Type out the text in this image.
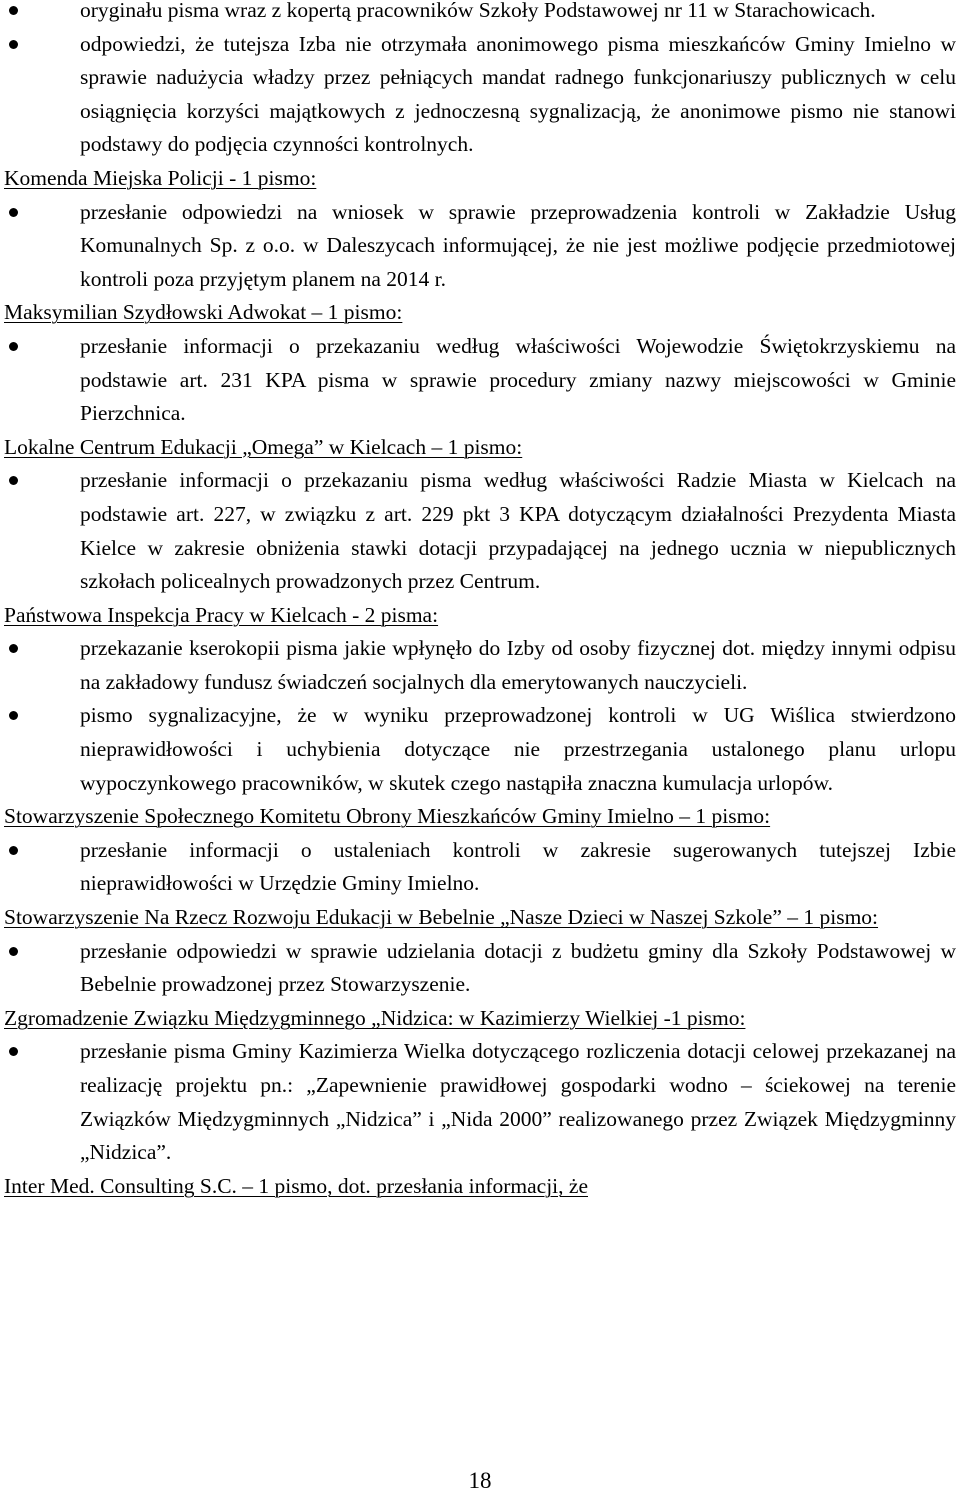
oryginału pisma wraz z kopertą pracowników Szkoły Podstawowej nr 11 w Starachowicach.
odpowiedzi, że tutejsza Izba nie otrzymała anonimowego pisma mieszkańców Gminy Imielno w sprawie nadużycia władzy przez pełniących mandat radnego funkcjonariuszy publicznych w celu osiągnięcia korzyści majątkowych z jednoczesną sygnalizacją, że anonimowe pismo nie stanowi podstawy do podjęcia czynności kontrolnych.
Komenda Miejska Policji - 1 pismo:
przesłanie odpowiedzi na wniosek w sprawie przeprowadzenia kontroli w Zakładzie Usług Komunalnych Sp. z o.o. w Daleszycach informującej, że nie jest możliwe podjęcie przedmiotowej kontroli poza przyjętym planem na 2014 r.
Maksymilian Szydłowski Adwokat – 1 pismo:
przesłanie informacji o przekazaniu według właściwości Wojewodzie Świętokrzyskiemu na podstawie art. 231 KPA pisma w sprawie procedury zmiany nazwy miejscowości w Gminie Pierzchnica.
Lokalne Centrum Edukacji „Omega” w Kielcach – 1 pismo:
przesłanie informacji o przekazaniu pisma według właściwości Radzie Miasta w Kielcach na podstawie art. 227, w związku z art. 229 pkt 3 KPA dotyczącym działalności Prezydenta Miasta Kielce w zakresie obniżenia stawki dotacji przypadającej na jednego ucznia w niepublicznych szkołach policealnych prowadzonych przez Centrum.
Państwowa Inspekcja Pracy w Kielcach - 2 pisma:
przekazanie kserokopii pisma jakie wpłynęło do Izby od osoby fizycznej dot. między innymi odpisu na zakładowy fundusz świadczeń socjalnych dla emerytowanych nauczycieli.
pismo sygnalizacyjne, że w wyniku przeprowadzonej kontroli w UG Wiślica stwierdzono nieprawidłowości i uchybienia dotyczące nie przestrzegania ustalonego planu urlopu wypoczynkowego pracowników, w skutek czego nastąpiła znaczna kumulacja urlopów.
Stowarzyszenie Społecznego Komitetu Obrony Mieszkańców Gminy Imielno – 1 pismo:
przesłanie informacji o ustaleniach kontroli w zakresie sugerowanych tutejszej Izbie nieprawidłowości w Urzędzie Gminy Imielno.
Stowarzyszenie Na Rzecz Rozwoju Edukacji w Bebelnie „Nasze Dzieci w Naszej Szkole” – 1 pismo:
przesłanie odpowiedzi w sprawie udzielania dotacji z budżetu gminy dla Szkoły Podstawowej w Bebelnie prowadzonej przez Stowarzyszenie.
Zgromadzenie Związku Międzygminnego „Nidzica: w Kazimierzy Wielkiej -1 pismo:
przesłanie pisma Gminy Kazimierza Wielka dotyczącego rozliczenia dotacji celowej przekazanej na realizację projektu pn.: „Zapewnienie prawidłowej gospodarki wodno – ściekowej na terenie Związków Międzygminnych „Nidzica” i „Nida 2000” realizowanego przez Związek Międzygminny „Nidzica”.
Inter Med. Consulting S.C. – 1 pismo, dot. przesłania informacji, że
18
